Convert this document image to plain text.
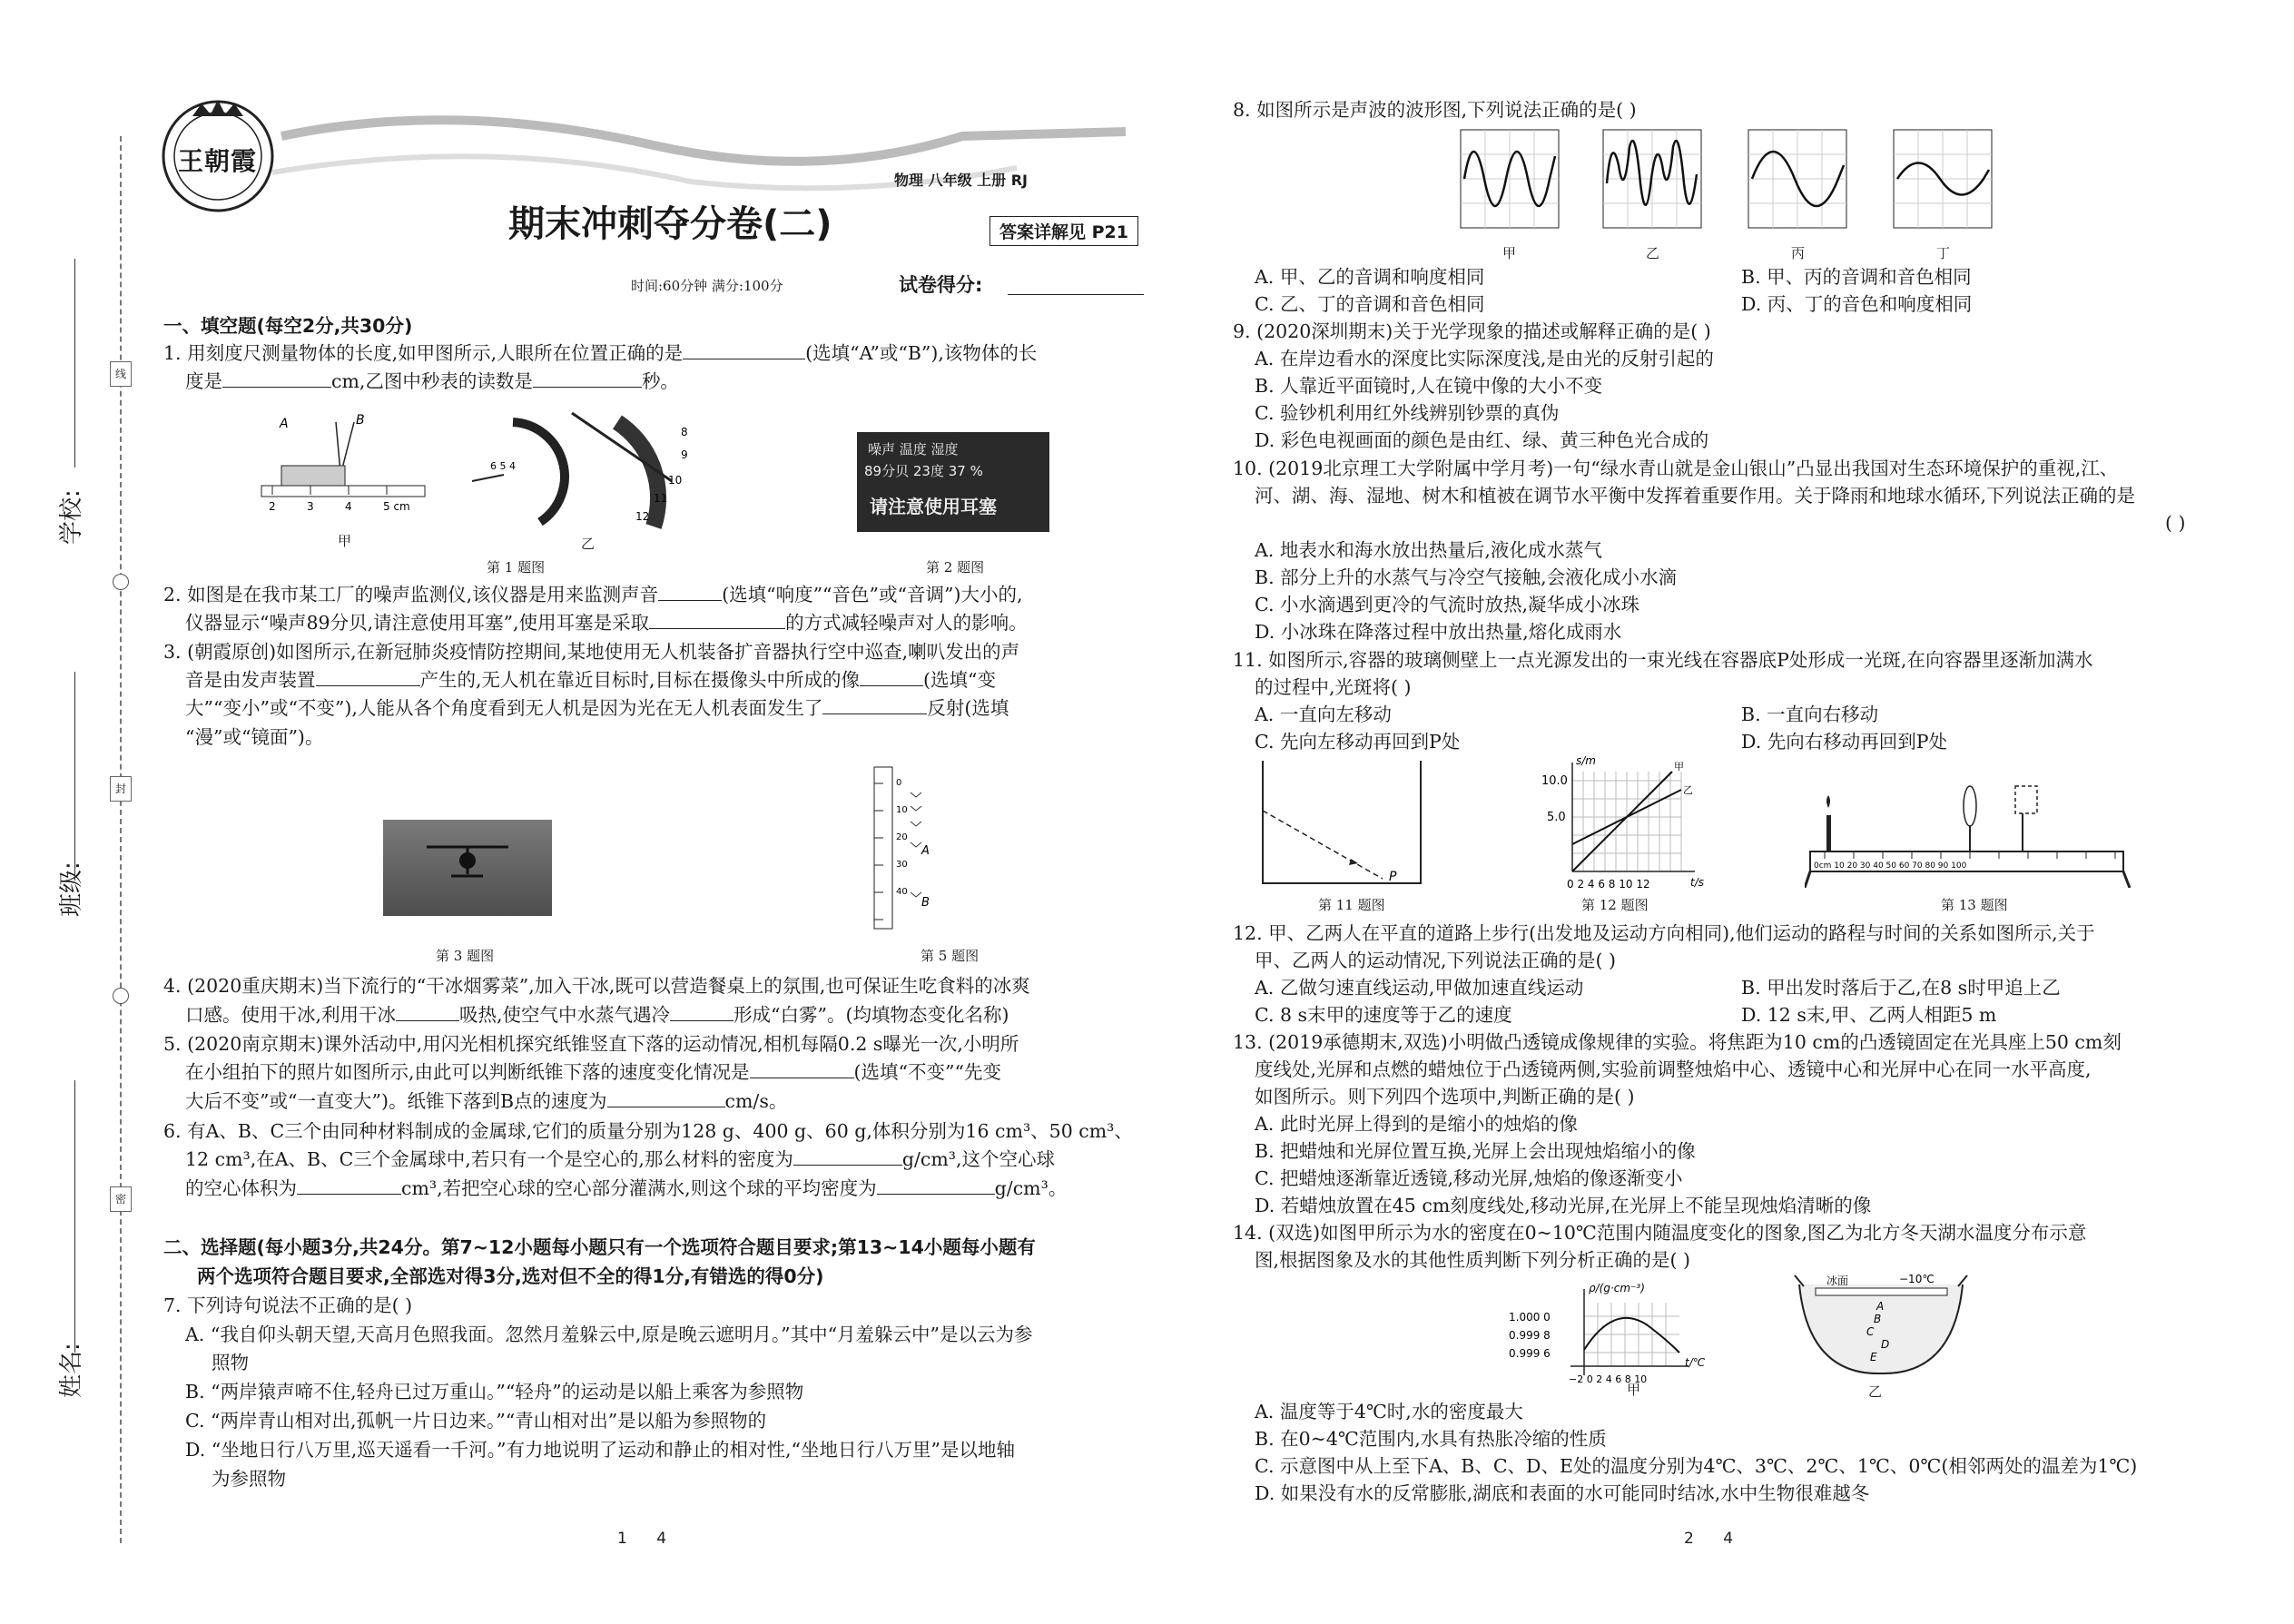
学校:
班级:
姓名:
线
封
密
王朝霞
期末冲刺夺分卷(二)
物理 八年级 上册 RJ
答案详解见 P21
时间:60分钟 满分:100分	试卷得分:
一、填空题(每空2分,共30分)
1. 用刻度尺测量物体的长度,如甲图所示,人眼所在位置正确的是	(选填“A”或“B”),该物体的长
度是	cm,乙图中秒表的读数是	秒。
A	B
2	3	4	5 cm
甲
6 5 4
8
9
10
11
12
乙
第 1 题图
噪声 温度 湿度
89分贝 23度 37 %
请注意使用耳塞
第 2 题图
2. 如图是在我市某工厂的噪声监测仪,该仪器是用来监测声音	(选填“响度”“音色”或“音调”)大小的,
仪器显示“噪声89分贝,请注意使用耳塞”,使用耳塞是采取	的方式减轻噪声对人的影响。
3. (朝霞原创)如图所示,在新冠肺炎疫情防控期间,某地使用无人机装备扩音器执行空中巡查,喇叭发出的声
音是由发声装置	产生的,无人机在靠近目标时,目标在摄像头中所成的像	(选填“变
大”“变小”或“不变”),人能从各个角度看到无人机是因为光在无人机表面发生了	反射(选填
“漫”或“镜面”)。
第 3 题图
0
10
20
30
40
A
B
第 5 题图
4. (2020重庆期末)当下流行的“干冰烟雾菜”,加入干冰,既可以营造餐桌上的氛围,也可保证生吃食料的冰爽
口感。使用干冰,利用干冰	吸热,使空气中水蒸气遇冷	形成“白雾”。(均填物态变化名称)
5. (2020南京期末)课外活动中,用闪光相机探究纸锥竖直下落的运动情况,相机每隔0.2 s曝光一次,小明所
在小组拍下的照片如图所示,由此可以判断纸锥下落的速度变化情况是	(选填“不变”“先变
大后不变”或“一直变大”)。纸锥下落到B点的速度为	cm/s。
6. 有A、B、C三个由同种材料制成的金属球,它们的质量分别为128 g、400 g、60 g,体积分别为16 cm³、50 cm³、
12 cm³,在A、B、C三个金属球中,若只有一个是空心的,那么材料的密度为	g/cm³,这个空心球
的空心体积为	cm³,若把空心球的空心部分灌满水,则这个球的平均密度为	g/cm³。
二、选择题(每小题3分,共24分。第7~12小题每小题只有一个选项符合题目要求;第13~14小题每小题有
两个选项符合题目要求,全部选对得3分,选对但不全的得1分,有错选的得0分)
7. 下列诗句说法不正确的是( )
A. “我自仰头朝天望,天高月色照我面。忽然月羞躲云中,原是晚云遮明月。”其中“月羞躲云中”是以云为参
照物
B. “两岸猿声啼不住,轻舟已过万重山。”“轻舟”的运动是以船上乘客为参照物
C. “两岸青山相对出,孤帆一片日边来。”“青山相对出”是以船为参照物的
D. “坐地日行八万里,巡天遥看一千河。”有力地说明了运动和静止的相对性,“坐地日行八万里”是以地轴
为参照物
1      4
8. 如图所示是声波的波形图,下列说法正确的是( )
甲	乙	丙	丁
A. 甲、乙的音调和响度相同	B. 甲、丙的音调和音色相同
C. 乙、丁的音调和音色相同	D. 丙、丁的音色和响度相同
9. (2020深圳期末)关于光学现象的描述或解释正确的是( )
A. 在岸边看水的深度比实际深度浅,是由光的反射引起的
B. 人靠近平面镜时,人在镜中像的大小不变
C. 验钞机利用红外线辨别钞票的真伪
D. 彩色电视画面的颜色是由红、绿、黄三种色光合成的
10. (2019北京理工大学附属中学月考)一句“绿水青山就是金山银山”凸显出我国对生态环境保护的重视,江、
河、湖、海、湿地、树木和植被在调节水平衡中发挥着重要作用。关于降雨和地球水循环,下列说法正确的是
( )
A. 地表水和海水放出热量后,液化成水蒸气
B. 部分上升的水蒸气与冷空气接触,会液化成小水滴
C. 小水滴遇到更冷的气流时放热,凝华成小冰珠
D. 小冰珠在降落过程中放出热量,熔化成雨水
11. 如图所示,容器的玻璃侧壁上一点光源发出的一束光线在容器底P处形成一光斑,在向容器里逐渐加满水
的过程中,光斑将( )
A. 一直向左移动	B. 一直向右移动
C. 先向左移动再回到P处	D. 先向右移动再回到P处
P
第 11 题图
s/m
10.0
5.0
甲
乙
0 2 4 6 8 10 12	t/s
第 12 题图
0cm 10 20 30 40 50 60 70 80 90 100
第 13 题图
12. 甲、乙两人在平直的道路上步行(出发地及运动方向相同),他们运动的路程与时间的关系如图所示,关于
甲、乙两人的运动情况,下列说法正确的是( )
A. 乙做匀速直线运动,甲做加速直线运动	B. 甲出发时落后于乙,在8 s时甲追上乙
C. 8 s末甲的速度等于乙的速度	D. 12 s末,甲、乙两人相距5 m
13. (2019承德期末,双选)小明做凸透镜成像规律的实验。将焦距为10 cm的凸透镜固定在光具座上50 cm刻
度线处,光屏和点燃的蜡烛位于凸透镜两侧,实验前调整烛焰中心、透镜中心和光屏中心在同一水平高度,
如图所示。则下列四个选项中,判断正确的是( )
A. 此时光屏上得到的是缩小的烛焰的像
B. 把蜡烛和光屏位置互换,光屏上会出现烛焰缩小的像
C. 把蜡烛逐渐靠近透镜,移动光屏,烛焰的像逐渐变小
D. 若蜡烛放置在45 cm刻度线处,移动光屏,在光屏上不能呈现烛焰清晰的像
14. (双选)如图甲所示为水的密度在0~10℃范围内随温度变化的图象,图乙为北方冬天湖水温度分布示意
图,根据图象及水的其他性质判断下列分析正确的是( )
ρ/(g·cm⁻³)
1.000 0
0.999 8
0.999 6
t/℃
−2 0 2 4 6 8 10
甲
冰面	−10℃
A
B
C
D
E
乙
A. 温度等于4℃时,水的密度最大
B. 在0~4℃范围内,水具有热胀冷缩的性质
C. 示意图中从上至下A、B、C、D、E处的温度分别为4℃、3℃、2℃、1℃、0℃(相邻两处的温差为1℃)
D. 如果没有水的反常膨胀,湖底和表面的水可能同时结冰,水中生物很难越冬
2      4
